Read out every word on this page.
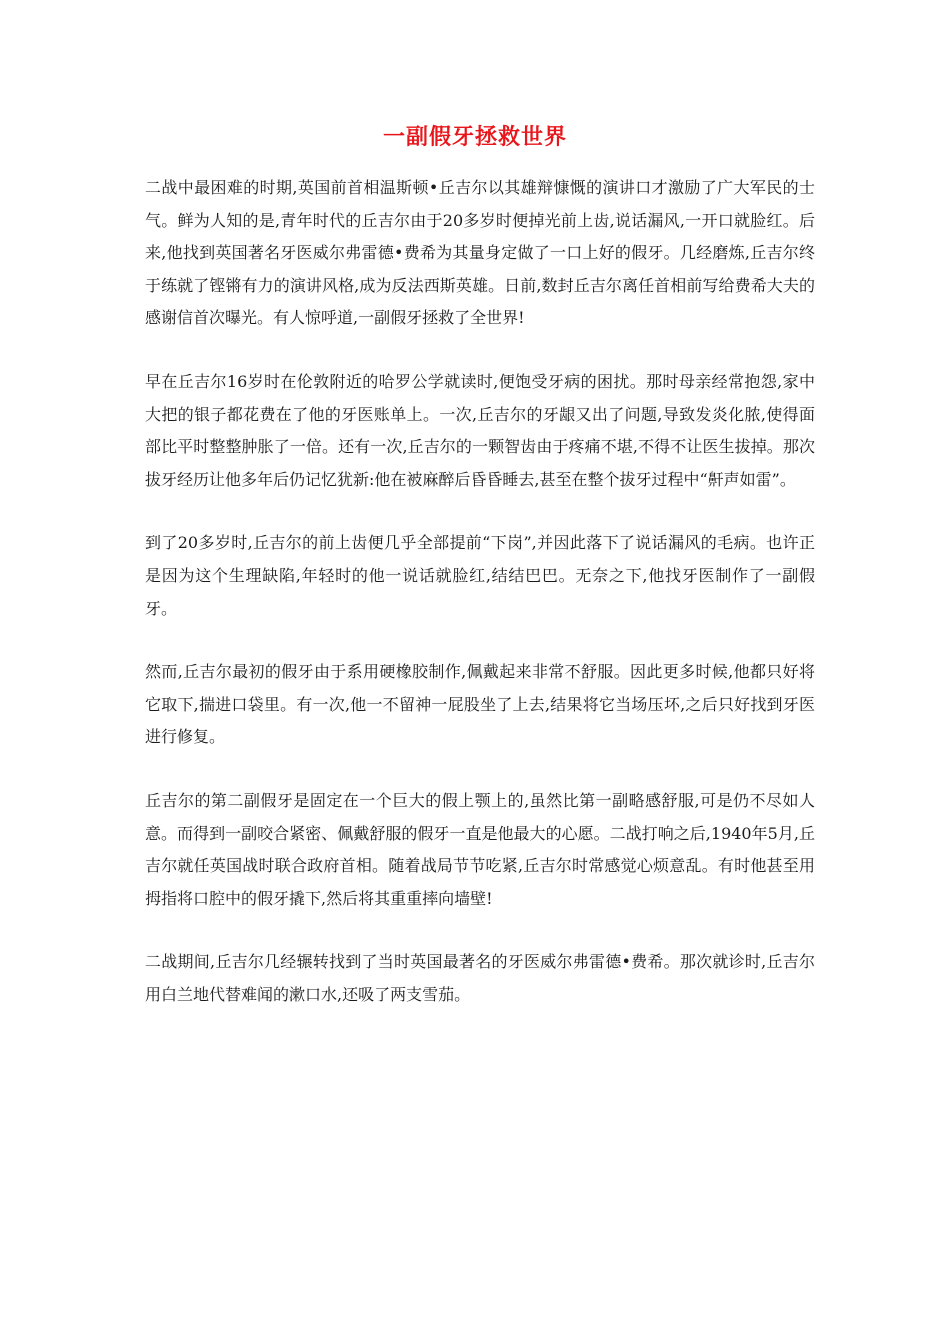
一副假牙拯救世界

二战中最困难的时期,英国前首相温斯顿•丘吉尔以其雄辩慷慨的演讲口才激励了广大军民的士气。鲜为人知的是,青年时代的丘吉尔由于20多岁时便掉光前上齿,说话漏风,一开口就脸红。后来,他找到英国著名牙医威尔弗雷德•费希为其量身定做了一口上好的假牙。几经磨炼,丘吉尔终于练就了铿锵有力的演讲风格,成为反法西斯英雄。日前,数封丘吉尔离任首相前写给费希大夫的感谢信首次曝光。有人惊呼道,一副假牙拯救了全世界!

早在丘吉尔16岁时在伦敦附近的哈罗公学就读时,便饱受牙病的困扰。那时母亲经常抱怨,家中大把的银子都花费在了他的牙医账单上。一次,丘吉尔的牙龈又出了问题,导致发炎化脓,使得面部比平时整整肿胀了一倍。还有一次,丘吉尔的一颗智齿由于疼痛不堪,不得不让医生拔掉。那次拔牙经历让他多年后仍记忆犹新:他在被麻醉后昏昏睡去,甚至在整个拔牙过程中“鼾声如雷”。

到了20多岁时,丘吉尔的前上齿便几乎全部提前“下岗”,并因此落下了说话漏风的毛病。也许正是因为这个生理缺陷,年轻时的他一说话就脸红,结结巴巴。无奈之下,他找牙医制作了一副假牙。

然而,丘吉尔最初的假牙由于系用硬橡胶制作,佩戴起来非常不舒服。因此更多时候,他都只好将它取下,揣进口袋里。有一次,他一不留神一屁股坐了上去,结果将它当场压坏,之后只好找到牙医进行修复。

丘吉尔的第二副假牙是固定在一个巨大的假上颚上的,虽然比第一副略感舒服,可是仍不尽如人意。而得到一副咬合紧密、佩戴舒服的假牙一直是他最大的心愿。二战打响之后,1940年5月,丘吉尔就任英国战时联合政府首相。随着战局节节吃紧,丘吉尔时常感觉心烦意乱。有时他甚至用拇指将口腔中的假牙撬下,然后将其重重摔向墙壁!

二战期间,丘吉尔几经辗转找到了当时英国最著名的牙医威尔弗雷德•费希。那次就诊时,丘吉尔用白兰地代替难闻的漱口水,还吸了两支雪茄。
